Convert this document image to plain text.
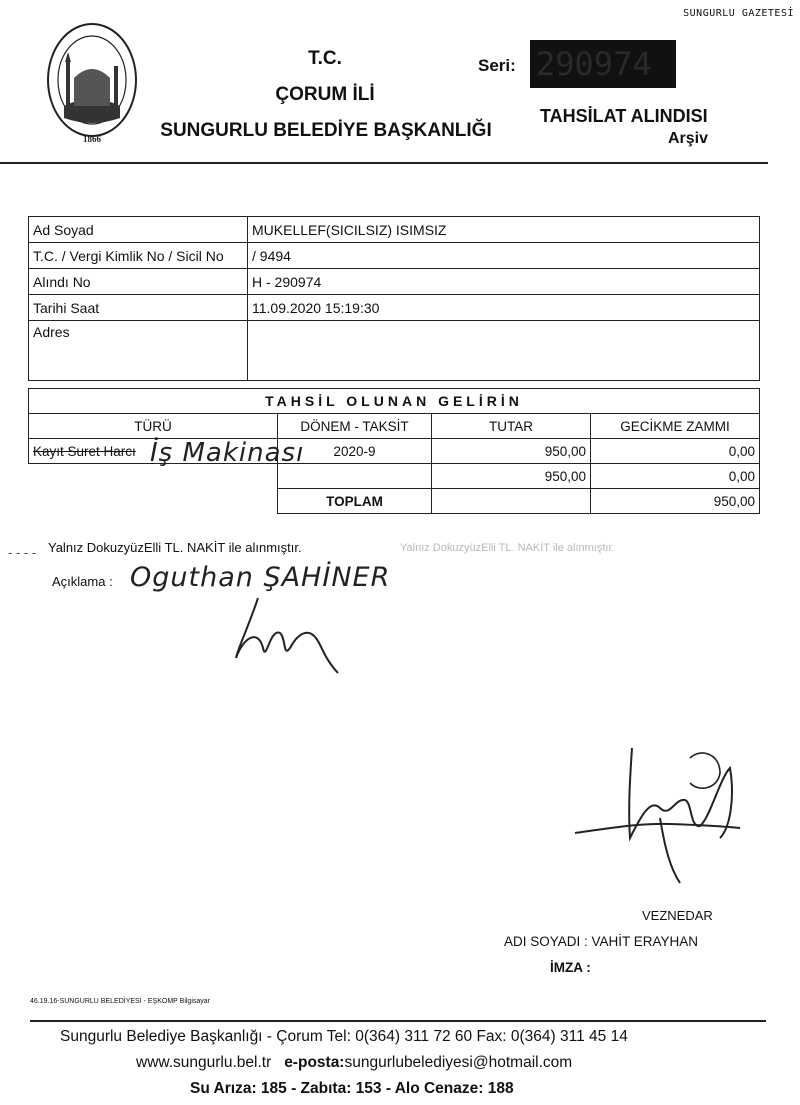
SUNGURLU GAZETESİ
1866
T.C.
ÇORUM İLİ
SUNGURLU BELEDİYE BAŞKANLIĞI
Seri: 290974
TAHSİLAT ALINDISI
Arşiv
Ad Soyad	MUKELLEF(SICILSIZ) ISIMSIZ
T.C. / Vergi Kimlik No / Sicil No	/ 9494
Alındı No	H - 290974
Tarihi Saat	11.09.2020 15:19:30
Adres	
TAHSİL OLUNAN GELİRİN			
TÜRÜ	DÖNEM - TAKSİT	TUTAR	GECİKME ZAMMI
Kayıt Suret Harcı	2020-9	950,00	0,00
		950,00	0,00
	TOPLAM		950,00
İş Makinası
- - - - Yalnız DokuzyüzElli TL. NAKİT ile alınmıştır.	Yalnız DokuzyüzElli TL. NAKİT ile alınmıştır.
Açıklama : Oguthan ŞAHİNER
VEZNEDAR
ADI SOYADI : VAHİT ERAYHAN
İMZA :
46.19.16-SUNGURLU BELEDİYESİ - EŞKOMP Bilgisayar
Sungurlu Belediye Başkanlığı - Çorum Tel: 0(364) 311 72 60 Fax: 0(364) 311 45 14
www.sungurlu.bel.tr e-posta:sungurlubelediyesi@hotmail.com
Su Arıza: 185 - Zabıta: 153 - Alo Cenaze: 188
